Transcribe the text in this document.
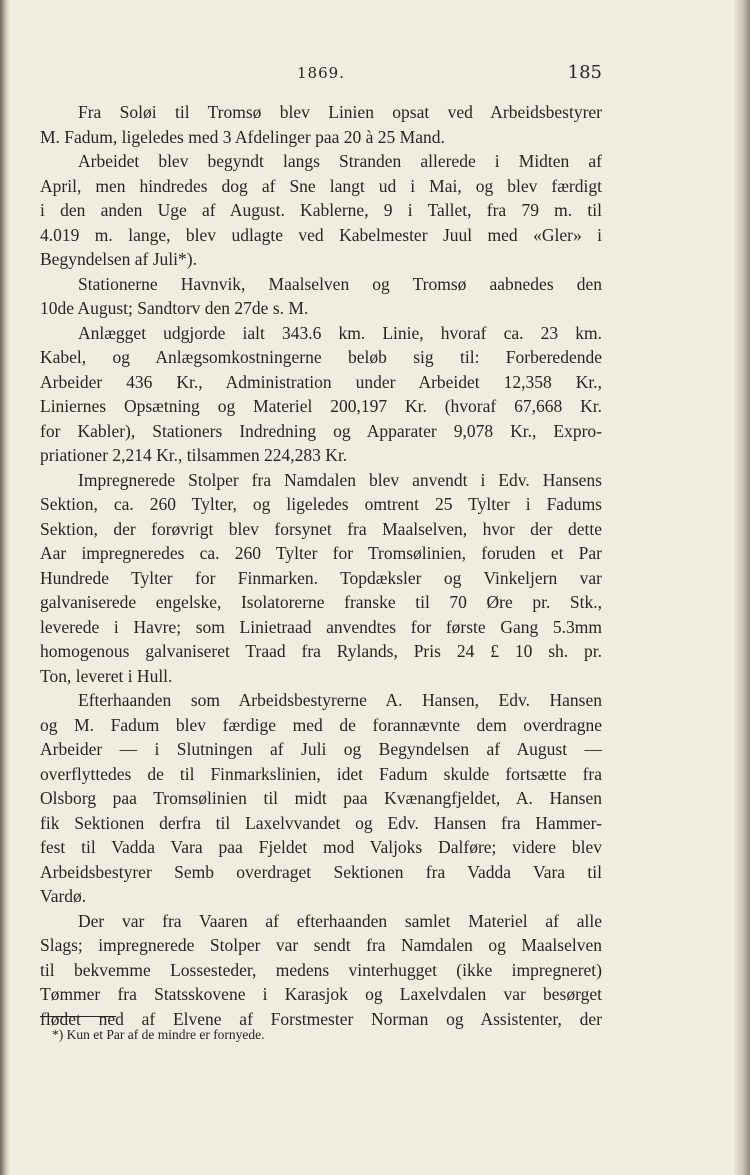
1869.	185
Fra Soløi til Tromsø blev Linien opsat ved Arbeidsbestyrer
M. Fadum, ligeledes med 3 Afdelinger paa 20 à 25 Mand.
Arbeidet blev begyndt langs Stranden allerede i Midten af
April, men hindredes dog af Sne langt ud i Mai, og blev færdigt
i den anden Uge af August. Kablerne, 9 i Tallet, fra 79 m. til
4.019 m. lange, blev udlagte ved Kabelmester Juul med «Gler» i
Begyndelsen af Juli*).
Stationerne Havnvik, Maalselven og Tromsø aabnedes den
10de August; Sandtorv den 27de s. M.
Anlægget udgjorde ialt 343.6 km. Linie, hvoraf ca. 23 km.
Kabel, og Anlægsomkostningerne beløb sig til: Forberedende
Arbeider 436 Kr., Administration under Arbeidet 12,358 Kr.,
Liniernes Opsætning og Materiel 200,197 Kr. (hvoraf 67,668 Kr.
for Kabler), Stationers Indredning og Apparater 9,078 Kr., Expro-
priationer 2,214 Kr., tilsammen 224,283 Kr.
Impregnerede Stolper fra Namdalen blev anvendt i Edv. Hansens
Sektion, ca. 260 Tylter, og ligeledes omtrent 25 Tylter i Fadums
Sektion, der forøvrigt blev forsynet fra Maalselven, hvor der dette
Aar impregneredes ca. 260 Tylter for Tromsølinien, foruden et Par
Hundrede Tylter for Finmarken. Topdæksler og Vinkeljern var
galvaniserede engelske, Isolatorerne franske til 70 Øre pr. Stk.,
leverede i Havre; som Linietraad anvendtes for første Gang 5.3mm
homogenous galvaniseret Traad fra Rylands, Pris 24 £ 10 sh. pr.
Ton, leveret i Hull.
Efterhaanden som Arbeidsbestyrerne A. Hansen, Edv. Hansen
og M. Fadum blev færdige med de forannævnte dem overdragne
Arbeider — i Slutningen af Juli og Begyndelsen af August —
overflyttedes de til Finmarkslinien, idet Fadum skulde fortsætte fra
Olsborg paa Tromsølinien til midt paa Kvænangfjeldet, A. Hansen
fik Sektionen derfra til Laxelvvandet og Edv. Hansen fra Hammer-
fest til Vadda Vara paa Fjeldet mod Valjoks Dalføre; videre blev
Arbeidsbestyrer Semb overdraget Sektionen fra Vadda Vara til
Vardø.
Der var fra Vaaren af efterhaanden samlet Materiel af alle
Slags; impregnerede Stolper var sendt fra Namdalen og Maalselven
til bekvemme Lossesteder, medens vinterhugget (ikke impregneret)
Tømmer fra Statsskovene i Karasjok og Laxelvdalen var besørget
flødet ned af Elvene af Forstmester Norman og Assistenter, der
*) Kun et Par af de mindre er fornyede.
